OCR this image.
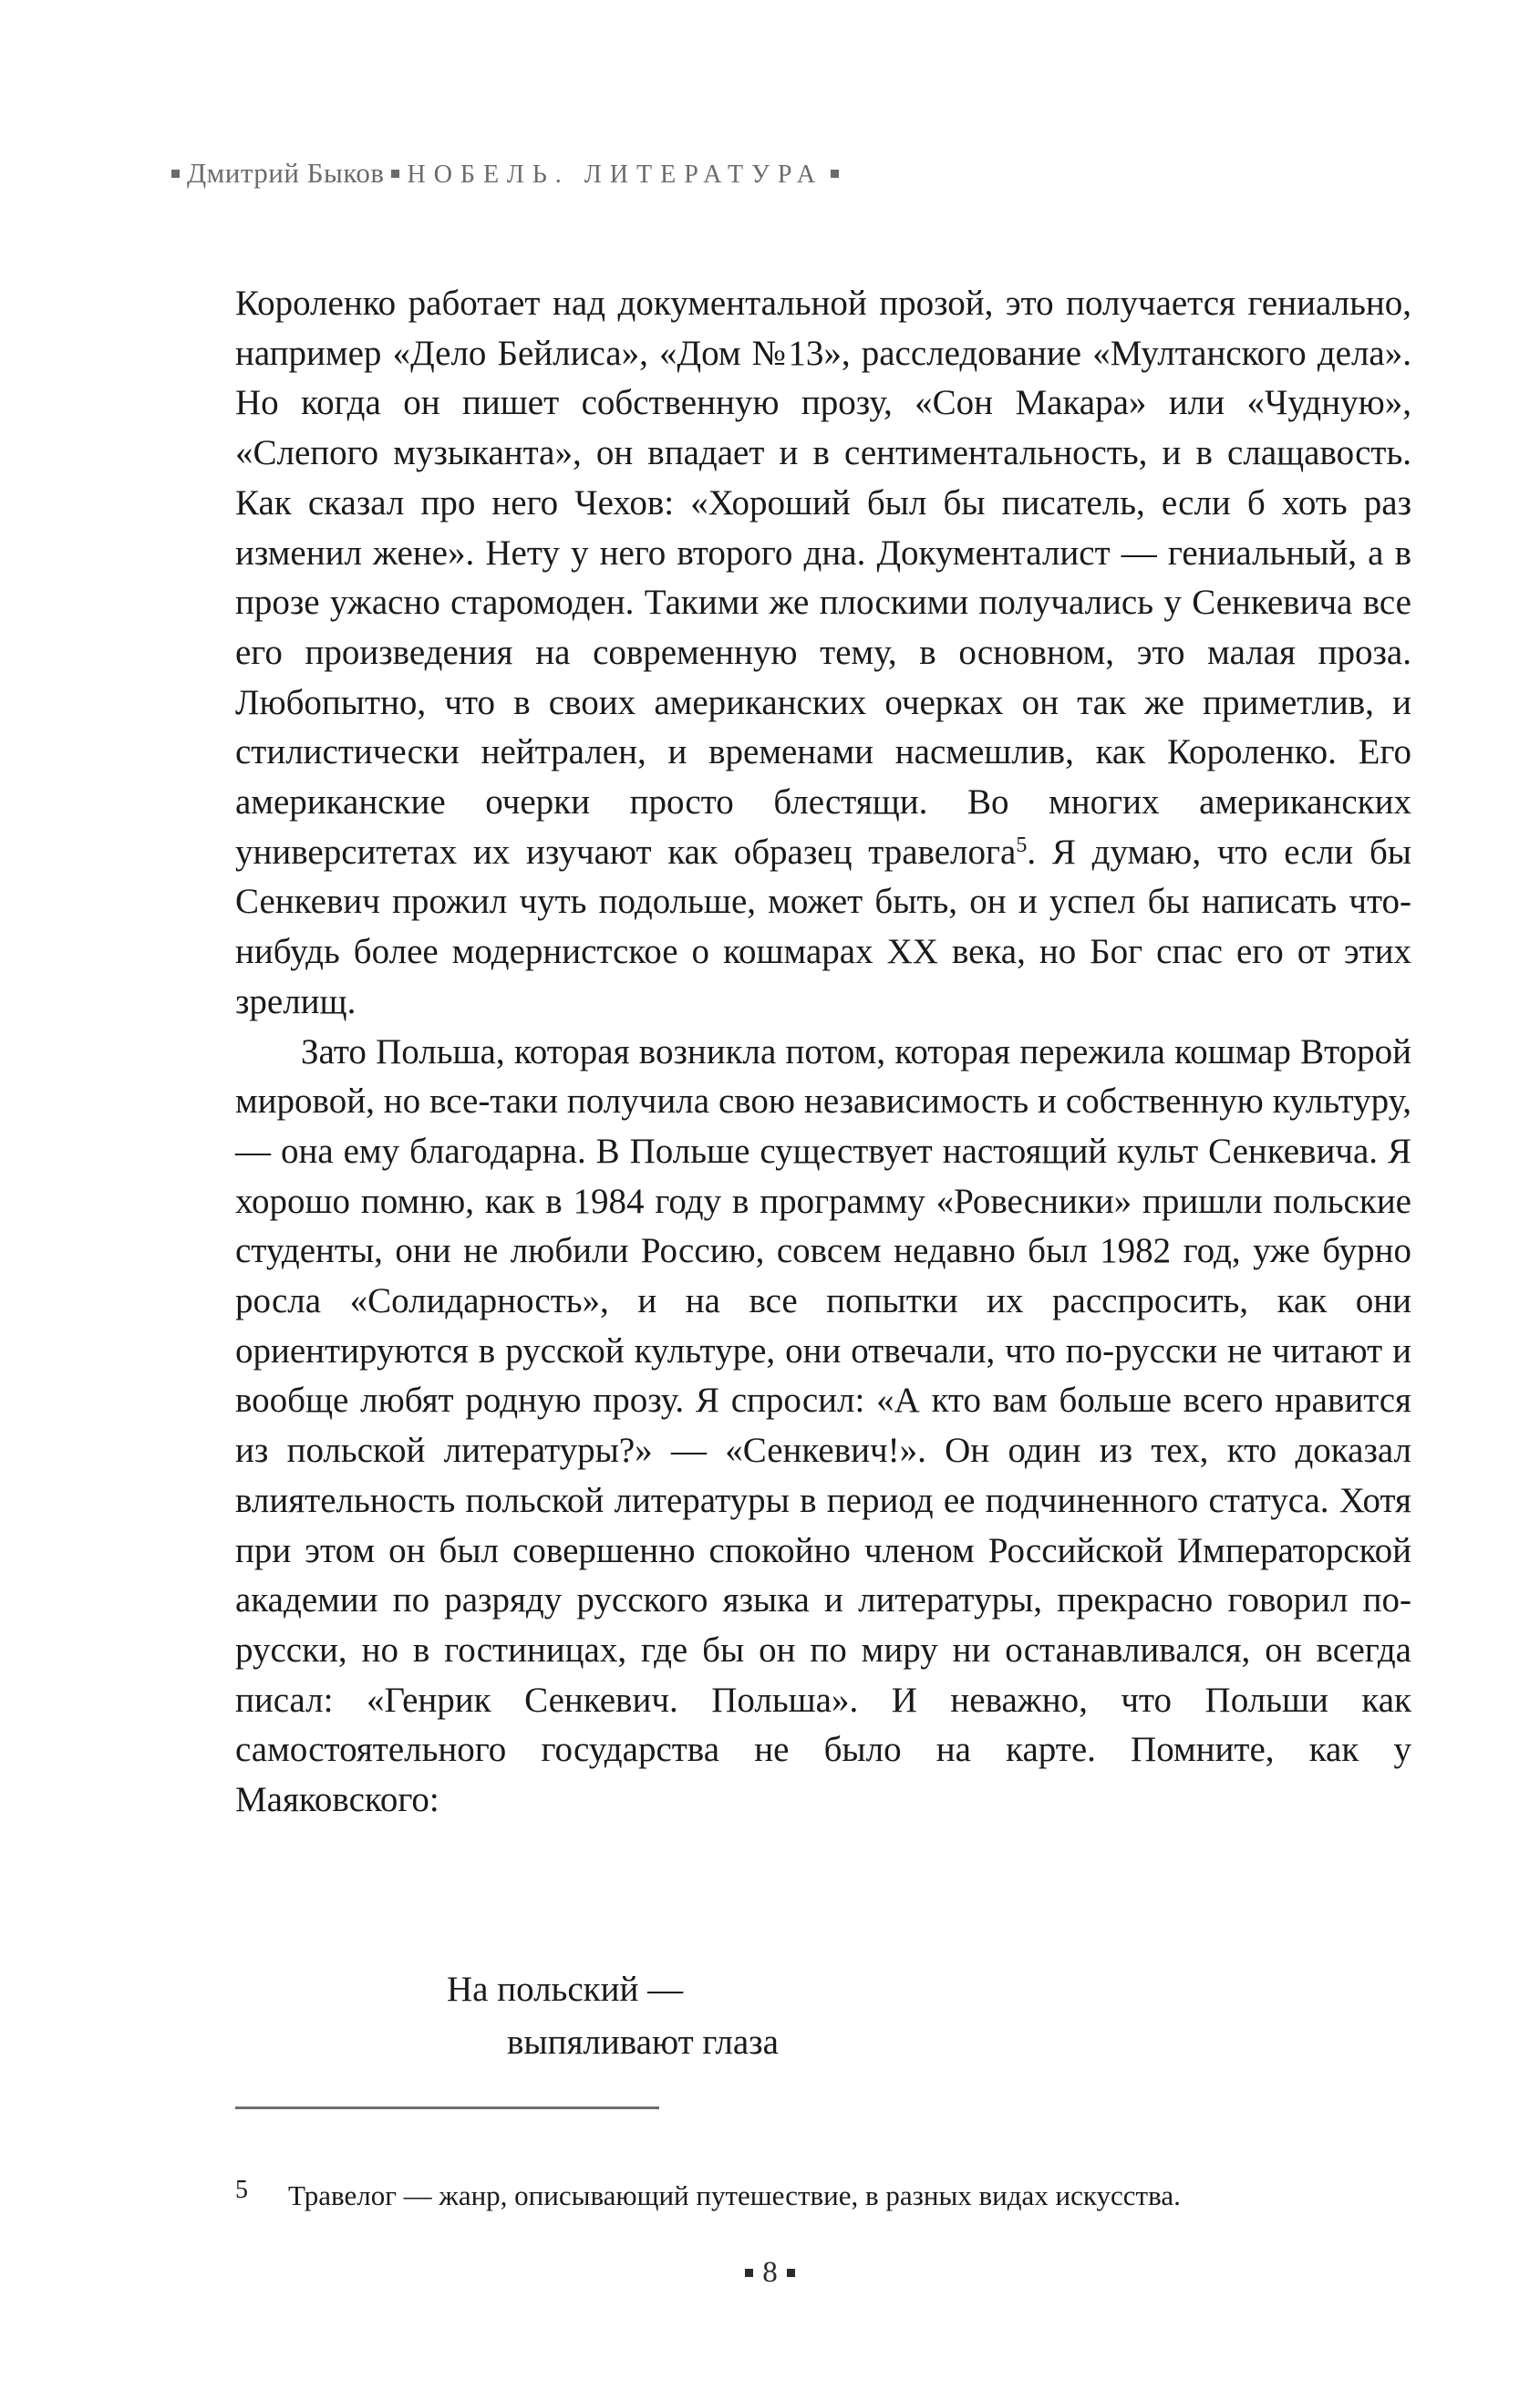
Дмитрий Быков НОБЕЛЬ. ЛИТЕРАТУРА

Короленко работает над документальной прозой, это получается гениально, например «Дело Бейлиса», «Дом №13», расследование «Мултанского дела». Но когда он пишет собственную прозу, «Сон Макара» или «Чудную», «Слепого музыканта», он впадает и в сентиментальность, и в слащавость. Как сказал про него Чехов: «Хороший был бы писатель, если б хоть раз изменил жене». Нету у него второго дна. Документалист — гениальный, а в прозе ужасно старомоден. Такими же плоскими получались у Сенкевича все его произведения на современную тему, в основном, это малая проза. Любопытно, что в своих американских очерках он так же приметлив, и стилистически нейтрален, и временами насмешлив, как Короленко. Его американские очерки просто блестящи. Во многих американских университетах их изучают как образец травелога$^5$. Я думаю, что если бы Сенкевич прожил чуть подольше, может быть, он и успел бы написать что-нибудь более модернистское о кошмарах XX века, но Бог спас его от этих зрелищ.

Зато Польша, которая возникла потом, которая пережила кошмар Второй мировой, но все-таки получила свою независимость и собственную культуру, — она ему благодарна. В Польше существует настоящий культ Сенкевича. Я хорошо помню, как в 1984 году в программу «Ровесники» пришли польские студенты, они не любили Россию, совсем недавно был 1982 год, уже бурно росла «Солидарность», и на все попытки их расспросить, как они ориентируются в русской культуре, они отвечали, что по-русски не читают и вообще любят родную прозу. Я спросил: «А кто вам больше всего нравится из польской литературы?» — «Сенкевич!». Он один из тех, кто доказал влиятельность польской литературы в период ее подчиненного статуса. Хотя при этом он был совершенно спокойно членом Российской Императорской академии по разряду русского языка и литературы, прекрасно говорил по-русски, но в гостиницах, где бы он по миру ни останавливался, он всегда писал: «Генрик Сенкевич. Польша». И неважно, что Польши как самостоятельного государства не было на карте. Помните, как у Маяковского:

На польский —
выпяливают глаза
5 Травелог — жанр, описывающий путешествие, в разных видах искусства.
8
